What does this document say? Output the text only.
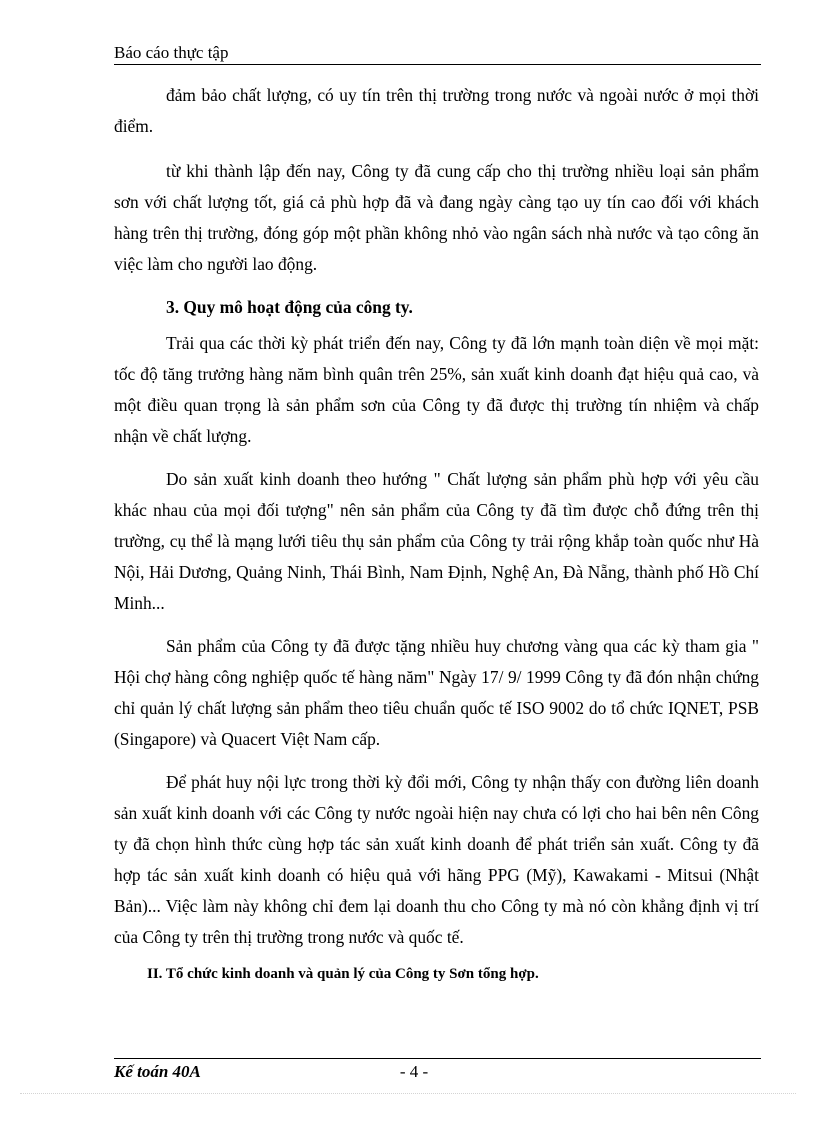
Báo cáo thực tập

đảm bảo chất lượng, có uy tín trên thị trường trong nước và ngoài nước ở mọi thời điểm.

từ khi thành lập đến nay, Công ty đã cung cấp cho thị trường nhiều loại sản phẩm sơn với chất lượng tốt, giá cả phù hợp đã và đang ngày càng tạo uy tín cao đối với khách hàng trên thị trường, đóng góp một phần không nhỏ vào ngân sách nhà nước và tạo công ăn việc làm cho người lao động.

3. Quy mô hoạt động của công ty.

Trải qua các thời kỳ phát triển đến nay, Công ty đã lớn mạnh toàn diện về mọi mặt: tốc độ tăng trưởng hàng năm bình quân trên 25%, sản xuất kinh doanh đạt hiệu quả cao, và một điều quan trọng là sản phẩm sơn của Công ty đã được thị trường tín nhiệm và chấp nhận về chất lượng.

Do sản xuất kinh doanh theo hướng " Chất lượng sản phẩm phù hợp với yêu cầu khác nhau của mọi đối tượng" nên sản phẩm của Công ty đã tìm được chỗ đứng trên thị trường, cụ thể là mạng lưới tiêu thụ sản phẩm của Công ty trải rộng khắp toàn quốc như Hà Nội, Hải Dương, Quảng Ninh, Thái Bình, Nam Định, Nghệ An, Đà Nẵng, thành phố Hồ Chí Minh...

Sản phẩm của Công ty đã được tặng nhiều huy chương vàng qua các kỳ tham gia " Hội chợ hàng công nghiệp quốc tế hàng năm" Ngày 17/ 9/ 1999 Công ty đã đón nhận chứng chỉ quản lý chất lượng sản phẩm theo tiêu chuẩn quốc tế ISO 9002 do tổ chức IQNET, PSB (Singapore) và Quacert Việt Nam cấp.

Để phát huy nội lực trong thời kỳ đổi mới, Công ty nhận thấy con đường liên doanh sản xuất kinh doanh với các Công ty nước ngoài hiện nay chưa có lợi cho hai bên nên Công ty đã chọn hình thức cùng hợp tác sản xuất kinh doanh để phát triển sản xuất. Công ty đã hợp tác sản xuất kinh doanh có hiệu quả với hãng PPG (Mỹ), Kawakami - Mitsui (Nhật Bản)... Việc làm này không chỉ đem lại doanh thu cho Công ty mà nó còn khẳng định vị trí của Công ty trên thị trường trong nước và quốc tế.

II. Tổ chức kinh doanh và quản lý của Công ty Sơn tổng hợp.

Kế toán 40A	- 4 -
